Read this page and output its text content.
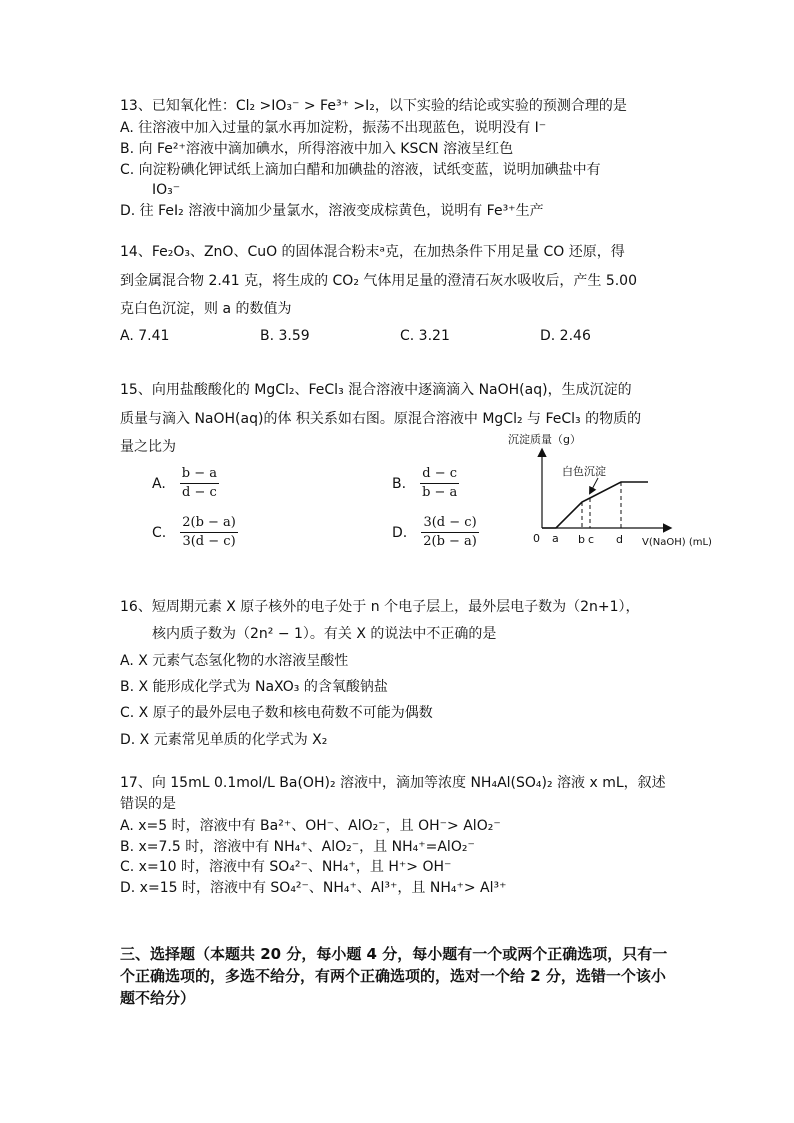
13、已知氧化性：Cl₂ >IO₃⁻ > Fe³⁺ >I₂，以下实验的结论或实验的预测合理的是
A. 往溶液中加入过量的氯水再加淀粉，振荡不出现蓝色，说明没有 I⁻
B. 向 Fe²⁺溶液中滴加碘水，所得溶液中加入 KSCN 溶液呈红色
C. 向淀粉碘化钾试纸上滴加白醋和加碘盐的溶液，试纸变蓝，说明加碘盐中有
IO₃⁻
D. 往 FeI₂ 溶液中滴加少量氯水，溶液变成棕黄色，说明有 Fe³⁺生产
14、Fe₂O₃、ZnO、CuO 的固体混合粉末ᵃ克，在加热条件下用足量 CO 还原，得
到金属混合物 2.41 克，将生成的 CO₂ 气体用足量的澄清石灰水吸收后，产生 5.00
克白色沉淀，则 a 的数值为
A. 7.41	B. 3.59	C. 3.21	D. 2.46
15、向用盐酸酸化的 MgCl₂、FeCl₃ 混合溶液中逐滴滴入 NaOH(aq)，生成沉淀的
质量与滴入 NaOH(aq)的体 积关系如右图。原混合溶液中 MgCl₂ 与 FeCl₃ 的物质的
量之比为
A. $\frac{b - a}{d - c}$	B. $\frac{d - c}{b - a}$
C. $\frac{2(b - a)}{3(d - c)}$	D. $\frac{3(d - c)}{2(b - a)}$
沉淀质量（g）
白色沉淀
0 a b c d V(NaOH) (mL)
16、短周期元素 X 原子核外的电子处于 n 个电子层上，最外层电子数为（2n+1），
核内质子数为（2n² − 1）。有关 X 的说法中不正确的是
A. X 元素气态氢化物的水溶液呈酸性
B. X 能形成化学式为 NaXO₃ 的含氧酸钠盐
C. X 原子的最外层电子数和核电荷数不可能为偶数
D. X 元素常见单质的化学式为 X₂
17、向 15mL 0.1mol/L Ba(OH)₂ 溶液中，滴加等浓度 NH₄Al(SO₄)₂ 溶液 x mL，叙述
错误的是
A. x=5 时，溶液中有 Ba²⁺、OH⁻、AlO₂⁻，且 OH⁻> AlO₂⁻
B. x=7.5 时，溶液中有 NH₄⁺、AlO₂⁻，且 NH₄⁺=AlO₂⁻
C. x=10 时，溶液中有 SO₄²⁻、NH₄⁺，且 H⁺> OH⁻
D. x=15 时，溶液中有 SO₄²⁻、NH₄⁺、Al³⁺，且 NH₄⁺> Al³⁺
三、选择题（本题共 20 分，每小题 4 分，每小题有一个或两个正确选项，只有一个正确选项的，多选不给分，有两个正确选项的，选对一个给 2 分，选错一个该小题不给分）
